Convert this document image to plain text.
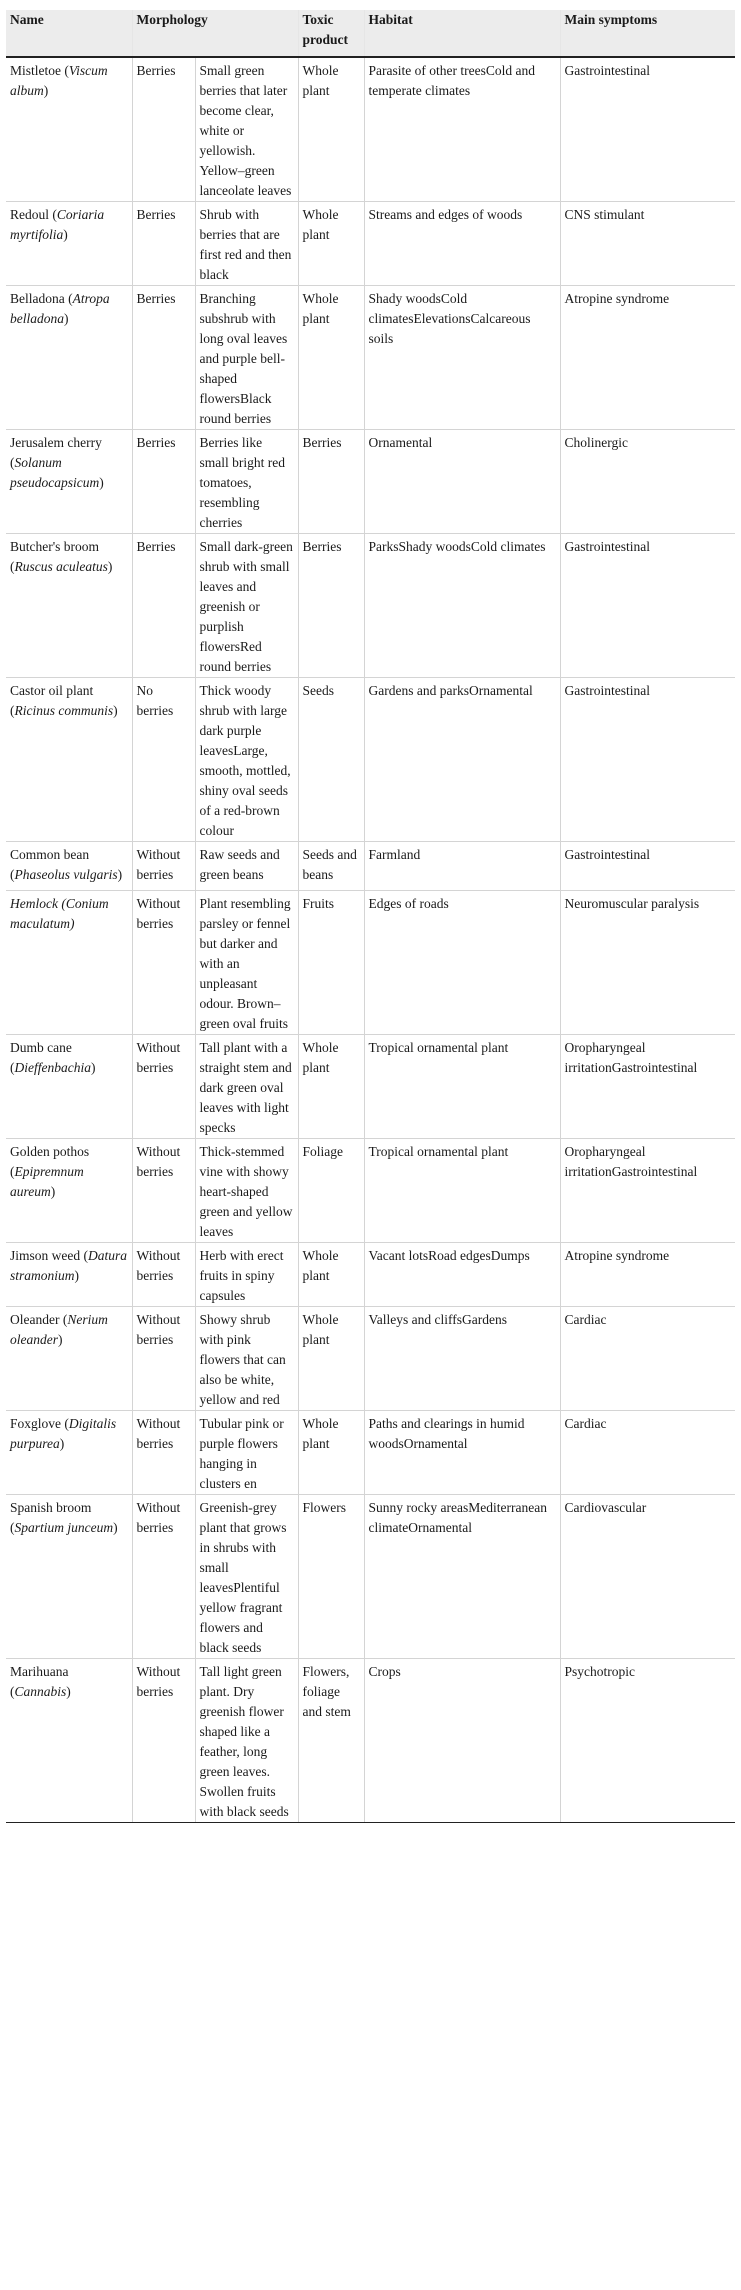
Name	Morphology		Toxic product	Habitat	Main symptoms
Mistletoe (Viscum album)	Berries	Small green berries that later become clear, white or yellowish. Yellow–green lanceolate leaves	Whole plant	Parasite of other treesCold and temperate climates	Gastrointestinal
Redoul (Coriaria myrtifolia)	Berries	Shrub with berries that are first red and then black	Whole plant	Streams and edges of woods	CNS stimulant
Belladona (Atropa belladona)	Berries	Branching subshrub with long oval leaves and purple bell-shaped flowersBlack round berries	Whole plant	Shady woodsCold climatesElevationsCalcareous soils	Atropine syndrome
Jerusalem cherry (Solanum pseudocapsicum)	Berries	Berries like small bright red tomatoes, resembling cherries	Berries	Ornamental	Cholinergic
Butcher's broom (Ruscus aculeatus)	Berries	Small dark-green shrub with small leaves and greenish or purplish flowersRed round berries	Berries	ParksShady woodsCold climates	Gastrointestinal
Castor oil plant (Ricinus communis)	No berries	Thick woody shrub with large dark purple leavesLarge, smooth, mottled, shiny oval seeds of a red-brown colour	Seeds	Gardens and parksOrnamental	Gastrointestinal
Common bean (Phaseolus vulgaris)	Without berries	Raw seeds and green beans	Seeds and beans	Farmland	Gastrointestinal
Hemlock (Conium maculatum)	Without berries	Plant resembling parsley or fennel but darker and with an unpleasant odour. Brown–green oval fruits	Fruits	Edges of roads	Neuromuscular paralysis
Dumb cane (Dieffenbachia)	Without berries	Tall plant with a straight stem and dark green oval leaves with light specks	Whole plant	Tropical ornamental plant	Oropharyngeal irritationGastrointestinal
Golden pothos (Epipremnum aureum)	Without berries	Thick-stemmed vine with showy heart-shaped green and yellow leaves	Foliage	Tropical ornamental plant	Oropharyngeal irritationGastrointestinal
Jimson weed (Datura stramonium)	Without berries	Herb with erect fruits in spiny capsules	Whole plant	Vacant lotsRoad edgesDumps	Atropine syndrome
Oleander (Nerium oleander)	Without berries	Showy shrub with pink flowers that can also be white, yellow and red	Whole plant	Valleys and cliffsGardens	Cardiac
Foxglove (Digitalis purpurea)	Without berries	Tubular pink or purple flowers hanging in clusters en	Whole plant	Paths and clearings in humid woodsOrnamental	Cardiac
Spanish broom (Spartium junceum)	Without berries	Greenish-grey plant that grows in shrubs with small leavesPlentiful yellow fragrant flowers and black seeds	Flowers	Sunny rocky areasMediterranean climateOrnamental	Cardiovascular
Marihuana (Cannabis)	Without berries	Tall light green plant. Dry greenish flower shaped like a feather, long green leaves. Swollen fruits with black seeds	Flowers, foliage and stem	Crops	Psychotropic
